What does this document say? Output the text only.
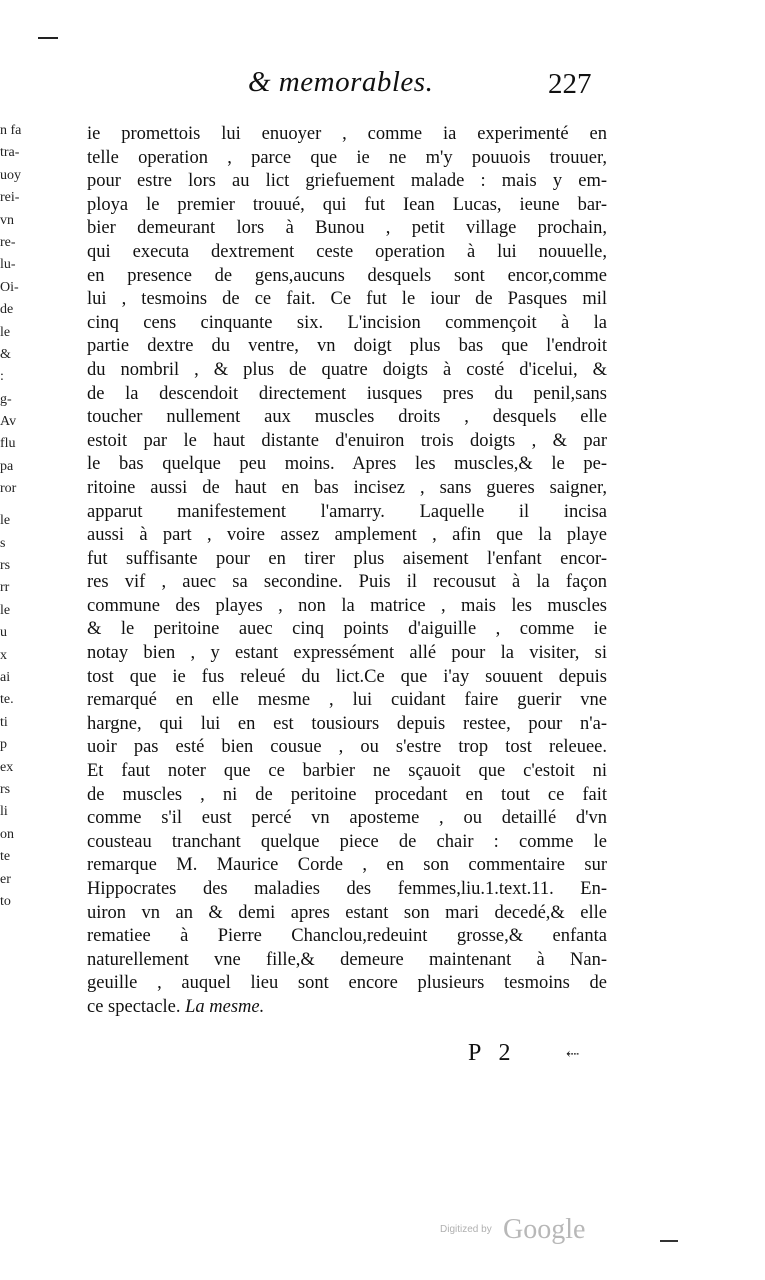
& memorables.	227
n fa
tra-
uoy
rei-
vn
re-
lu-
Oi-
de
le
&
:
g-
Av
flu
pa
ror
le
s
rs
rr
le
u
x
ai
te.
ti
p
ex
rs
li
on
te
er
to
ie promettois lui enuoyer , comme ia experimenté en
telle operation , parce que ie ne m'y pouuois trouuer,
pour estre lors au lict griefuement malade : mais y em-
ploya le premier trouué, qui fut Iean Lucas, ieune bar-
bier demeurant lors à Bunou , petit village prochain,
qui executa dextrement ceste operation à lui nouuelle,
en presence de gens,aucuns desquels sont encor,comme
lui , tesmoins de ce fait. Ce fut le iour de Pasques mil
cinq cens cinquante six. L'incision commençoit à la
partie dextre du ventre, vn doigt plus bas que l'endroit
du nombril , & plus de quatre doigts à costé d'icelui, &
de la descendoit directement iusques pres du penil,sans
toucher nullement aux muscles droits , desquels elle
estoit par le haut distante d'enuiron trois doigts , & par
le bas quelque peu moins. Apres les muscles,& le pe-
ritoine aussi de haut en bas incisez , sans gueres saigner,
apparut manifestement l'amarry. Laquelle il incisa
aussi à part , voire assez amplement , afin que la playe
fut suffisante pour en tirer plus aisement l'enfant encor-
res vif , auec sa secondine. Puis il recousut à la façon
commune des playes , non la matrice , mais les muscles
& le peritoine auec cinq points d'aiguille , comme ie
notay bien , y estant expressément allé pour la visiter, si
tost que ie fus releué du lict.Ce que i'ay souuent depuis
remarqué en elle mesme , lui cuidant faire guerir vne
hargne, qui lui en est tousiours depuis restee, pour n'a-
uoir pas esté bien cousue , ou s'estre trop tost releuee.
Et faut noter que ce barbier ne sçauoit que c'estoit ni
de muscles , ni de peritoine procedant en tout ce fait
comme s'il eust percé vn aposteme , ou detaillé d'vn
cousteau tranchant quelque piece de chair : comme le
remarque M. Maurice Corde , en son commentaire sur
Hippocrates des maladies des femmes,liu.1.text.11. En-
uiron vn an & demi apres estant son mari decedé,& elle
rematiee à Pierre Chanclou,redeuint grosse,& enfanta
naturellement vne fille,& demeure maintenant à Nan-
geuille , auquel lieu sont encore plusieurs tesmoins de
ce spectacle. La mesme.
P 2	⇠
Digitized by Google
